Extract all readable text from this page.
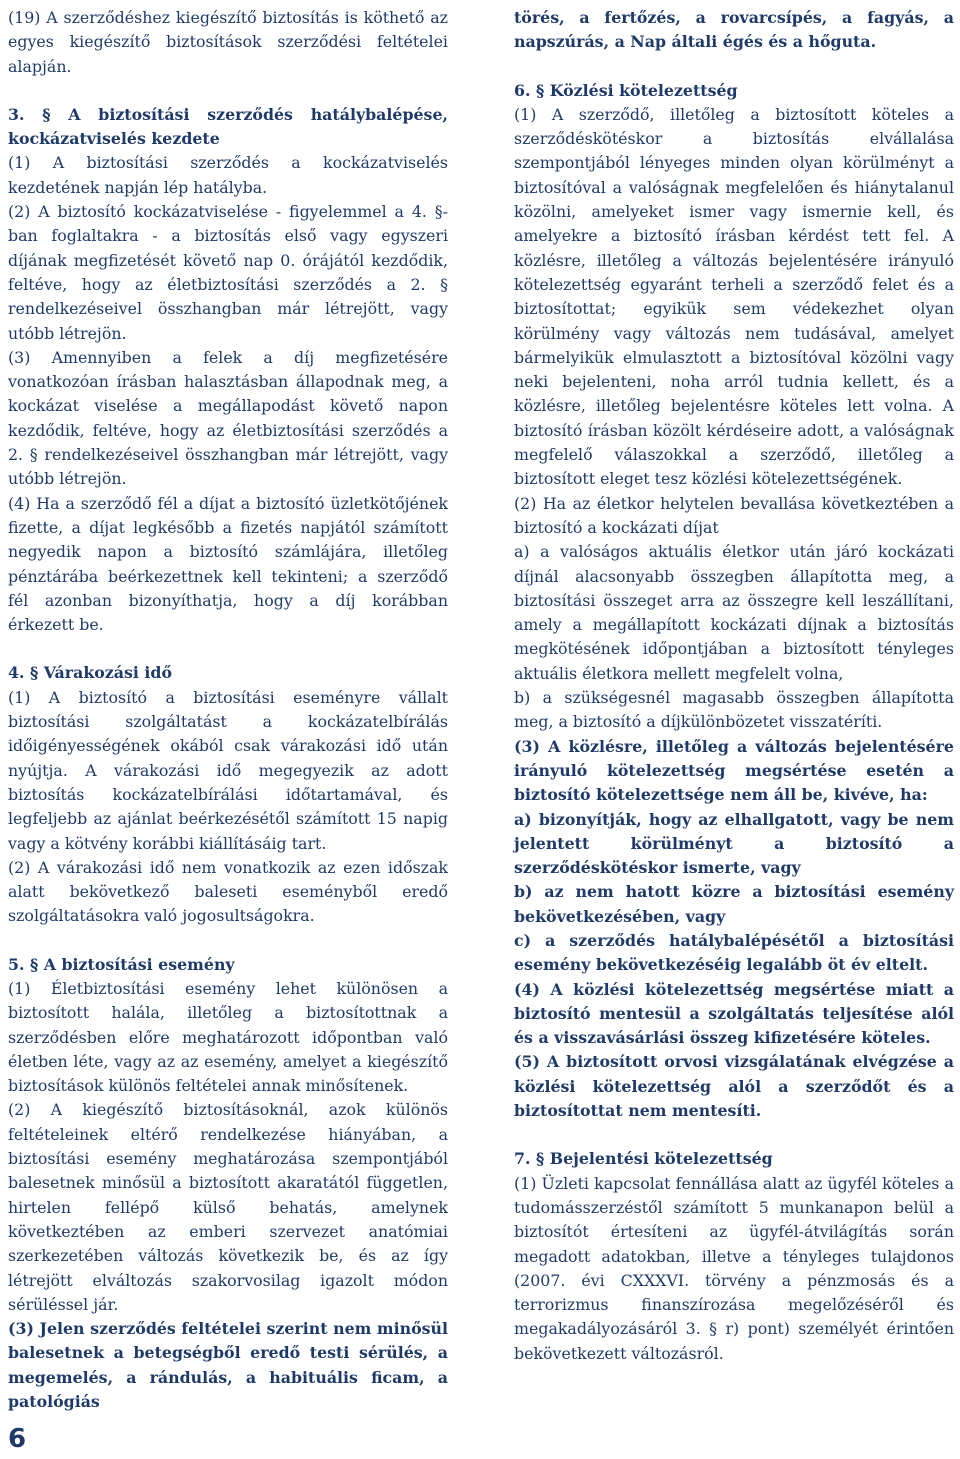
(19) A szerződéshez kiegészítő biztosítás is köthető az egyes kiegészítő biztosítások szerződési feltételei alapján.

3. § A biztosítási szerződés hatálybalépése, kockázatviselés kezdete

(1) A biztosítási szerződés a kockázatviselés kezdetének napján lép hatályba.

(2) A biztosító kockázatviselése - figyelemmel a 4. §-ban foglaltakra - a biztosítás első vagy egyszeri díjának megfizetését követő nap 0. órájától kezdődik, feltéve, hogy az életbiztosítási szerződés a 2. § rendelkezéseivel összhangban már létrejött, vagy utóbb létrejön.

(3) Amennyiben a felek a díj megfizetésére vonatkozóan írásban halasztásban állapodnak meg, a kockázat viselése a megállapodást követő napon kezdődik, feltéve, hogy az életbiztosítási szerződés a 2. § rendelkezéseivel összhangban már létrejött, vagy utóbb létrejön.

(4) Ha a szerződő fél a díjat a biztosító üzletkötőjének fizette, a díjat legkésőbb a fizetés napjától számított negyedik napon a biztosító számlájára, illetőleg pénztárába beérkezettnek kell tekinteni; a szerződő fél azonban bizonyíthatja, hogy a díj korábban érkezett be.

4. § Várakozási idő

(1) A biztosító a biztosítási eseményre vállalt biztosítási szolgáltatást a kockázatelbírálás időigényességének okából csak várakozási idő után nyújtja. A várakozási idő megegyezik az adott biztosítás kockázatelbírálási időtartamával, és legfeljebb az ajánlat beérkezésétől számított 15 napig vagy a kötvény korábbi kiállításáig tart.

(2) A várakozási idő nem vonatkozik az ezen időszak alatt bekövetkező baleseti eseményből eredő szolgáltatásokra való jogosultságokra.

5. § A biztosítási esemény

(1) Életbiztosítási esemény lehet különösen a biztosított halála, illetőleg a biztosítottnak a szerződésben előre meghatározott időpontban való életben léte, vagy az az esemény, amelyet a kiegészítő biztosítások különös feltételei annak minősítenek.

(2) A kiegészítő biztosításoknál, azok különös feltételeinek eltérő rendelkezése hiányában, a biztosítási esemény meghatározása szempontjából balesetnek minősül a biztosított akaratától független, hirtelen fellépő külső behatás, amelynek következtében az emberi szervezet anatómiai szerkezetében változás következik be, és az így létrejött elváltozás szakorvosilag igazolt módon sérüléssel jár.

(3) Jelen szerződés feltételei szerint nem minősül balesetnek a betegségből eredő testi sérülés, a megemelés, a rándulás, a habituális ficam, a patológiás

törés, a fertőzés, a rovarcsípés, a fagyás, a napszúrás, a Nap általi égés és a hőguta.

6. § Közlési kötelezettség

(1) A szerződő, illetőleg a biztosított köteles a szerződéskötéskor a biztosítás elvállalása szempontjából lényeges minden olyan körülményt a biztosítóval a valóságnak megfelelően és hiánytalanul közölni, amelyeket ismer vagy ismernie kell, és amelyekre a biztosító írásban kérdést tett fel. A közlésre, illetőleg a változás bejelentésére irányuló kötelezettség egyaránt terheli a szerződő felet és a biztosítottat; egyikük sem védekezhet olyan körülmény vagy változás nem tudásával, amelyet bármelyikük elmulasztott a biztosítóval közölni vagy neki bejelenteni, noha arról tudnia kellett, és a közlésre, illetőleg bejelentésre köteles lett volna. A biztosító írásban közölt kérdéseire adott, a valóságnak megfelelő válaszokkal a szerződő, illetőleg a biztosított eleget tesz közlési kötelezettségének.

(2) Ha az életkor helytelen bevallása következtében a biztosító a kockázati díjat

a) a valóságos aktuális életkor után járó kockázati díjnál alacsonyabb összegben állapította meg, a biztosítási összeget arra az összegre kell leszállítani, amely a megállapított kockázati díjnak a biztosítás megkötésének időpontjában a biztosított tényleges aktuális életkora mellett megfelelt volna,

b) a szükségesnél magasabb összegben állapította meg, a biztosító a díjkülönbözetet visszatéríti.

(3) A közlésre, illetőleg a változás bejelentésére irányuló kötelezettség megsértése esetén a biztosító kötelezettsége nem áll be, kivéve, ha:

a) bizonyítják, hogy az elhallgatott, vagy be nem jelentett körülményt a biztosító a szerződéskötéskor ismerte, vagy

b) az nem hatott közre a biztosítási esemény bekövetkezésében, vagy

c) a szerződés hatálybalépésétől a biztosítási esemény bekövetkezéséig legalább öt év eltelt.

(4) A közlési kötelezettség megsértése miatt a biztosító mentesül a szolgáltatás teljesítése alól és a visszavásárlási összeg kifizetésére köteles.

(5) A biztosított orvosi vizsgálatának elvégzése a közlési kötelezettség alól a szerződőt és a biztosítottat nem mentesíti.

7. § Bejelentési kötelezettség

(1) Üzleti kapcsolat fennállása alatt az ügyfél köteles a tudomásszerzéstől számított 5 munkanapon belül a biztosítót értesíteni az ügyfél-átvilágítás során megadott adatokban, illetve a tényleges tulajdonos (2007. évi CXXXVI. törvény a pénzmosás és a terrorizmus finanszírozása megelőzéséről és megakadályozásáról 3. § r) pont) személyét érintően bekövetkezett változásról.

6
